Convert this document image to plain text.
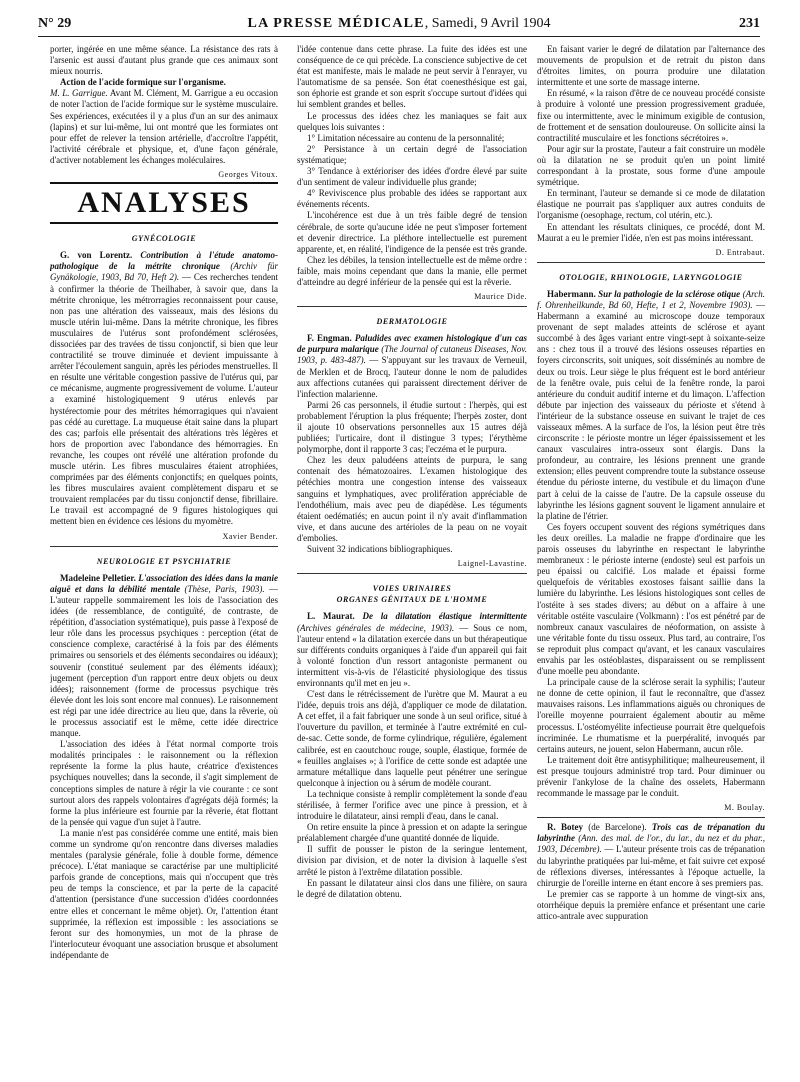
N° 29	LA PRESSE MÉDICALE, Samedi, 9 Avril 1904	231

porter, ingérée en une même séance. La résistance des rats à l'arsenic est aussi d'autant plus grande que ces animaux sont mieux nourris.

Action de l'acide formique sur l'organisme.
M. L. Garrigue. Avant M. Clément, M. Garrigue a eu occasion de noter l'action de l'acide formique sur le système musculaire. Ses expériences, exécutées il y a plus d'un an sur des animaux (lapins) et sur lui-même, lui ont montré que les formiates ont pour effet de relever la tension artérielle, d'accroître l'appétit, l'activité cérébrale et physique, et, d'une façon générale, d'activer notablement les échanges moléculaires.

Georges Vitoux.
ANALYSES
GYNÉCOLOGIE

G. von Lorentz. Contribution à l'étude anatomo-pathologique de la métrite chronique (Archiv für Gynäkologie, 1903, Bd 70, Heft 2). — Ces recherches tendent à confirmer la théorie de Theilhaber, à savoir que, dans la métrite chronique, les métrorragies reconnaissent pour cause, non pas une altération des vaisseaux, mais des lésions du muscle utérin lui-même. Dans la métrite chronique, les fibres musculaires de l'utérus sont profondément sclérosées, dissociées par des travées de tissu conjonctif, si bien que leur contractilité se trouve diminuée et devient impuissante à arrêter l'écoulement sanguin, après les périodes menstruelles. Il en résulte une véritable congestion passive de l'utérus qui, par ce mécanisme, augmente progressivement de volume. L'auteur a examiné histologiquement 9 utérus enlevés par hystérectomie pour des métrites hémorragiques qui n'avaient pas cédé au curettage. La muqueuse était saine dans la plupart des cas; parfois elle présentait des altérations très légères et hors de proportion avec l'abondance des hémorragies. En revanche, les coupes ont révélé une altération profonde du muscle utérin. Les fibres musculaires étaient atrophiées, comprimées par des éléments conjonctifs; en quelques points, les fibres musculaires avaient complètement disparu et se trouvaient remplacées par du tissu conjonctif dense, fibrillaire. Le travail est accompagné de 9 figures histologiques qui mettent bien en évidence ces lésions du myomètre.

Xavier Bender.
NEUROLOGIE ET PSYCHIATRIE

Madeleine Pelletier. L'association des idées dans la manie aiguë et dans la débilité mentale (Thèse, Paris, 1903). — L'auteur rappelle sommairement les lois de l'association des idées (de ressemblance, de contiguïté, de contraste, de répétition, d'association systématique), puis passe à l'exposé de leur rôle dans les processus psychiques : perception (état de conscience complexe, caractérisé à la fois par des éléments primaires ou sensoriels et des éléments secondaires ou idéaux); souvenir (constitué seulement par des éléments idéaux); jugement (perception d'un rapport entre deux objets ou deux idées); raisonnement (forme de processus psychique très élevée dont les lois sont encore mal connues). Le raisonnement est régi par une idée directrice au lieu que, dans la rêverie, où le processus associatif est le même, cette idée directrice manque.

L'association des idées à l'état normal comporte trois modalités principales : le raisonnement ou la réflexion représente la forme la plus haute, créatrice d'existences psychiques nouvelles; dans la seconde, il s'agit simplement de conceptions simples de nature à régir la vie courante : ce sont surtout alors des rappels volontaires d'agrégats déjà formés; la forme la plus inférieure est fournie par la rêverie, état flottant de la pensée qui vague d'un sujet à l'autre.

La manie n'est pas considérée comme une entité, mais bien comme un syndrome qu'on rencontre dans diverses maladies mentales (paralysie générale, folie à double forme, démence précoce). L'état maniaque se caractérise par une multiplicité parfois grande de conceptions, mais qui n'occupent que très peu de temps la conscience, et par la perte de la capacité d'attention (persistance d'une succession d'idées coordonnées entre elles et concernant le même objet). Or, l'attention étant supprimée, la réflexion est impossible : les associations se feront sur des homonymies, un mot de la phrase de l'interlocuteur évoquant une association brusque et absolument indépendante de

l'idée contenue dans cette phrase. La fuite des idées est une conséquence de ce qui précède. La conscience subjective de cet état est manifeste, mais le malade ne peut servir à l'enrayer, vu l'automatisme de sa pensée. Son état coenesthésique est gai, son éphorie est grande et son esprit s'occupe surtout d'idées qui lui semblent grandes et belles.

Le processus des idées chez les maniaques se fait aux quelques lois suivantes :

1° Limitation nécessaire au contenu de la personnalité;

2° Persistance à un certain degré de l'association systématique;

3° Tendance à extérioriser des idées d'ordre élevé par suite d'un sentiment de valeur individuelle plus grande;

4° Reviviscence plus probable des idées se rapportant aux événements récents.

L'incohérence est due à un très faible degré de tension cérébrale, de sorte qu'aucune idée ne peut s'imposer fortement et devenir directrice. La pléthore intellectuelle est purement apparente, et, en réalité, l'indigence de la pensée est très grande.

Chez les débiles, la tension intellectuelle est de même ordre : faible, mais moins cependant que dans la manie, elle permet d'atteindre au degré inférieur de la pensée qui est la rêverie.

Maurice Dide.
DERMATOLOGIE

F. Engman. Paludides avec examen histologique d'un cas de purpura malarique (The Journal of cutaneus Diseases, Nov. 1903, p. 483-487). — S'appuyant sur les travaux de Verneuil, de Merklen et de Brocq, l'auteur donne le nom de paludides aux affections cutanées qui paraissent directement dériver de l'infection malarienne.

Parmi 26 cas personnels, il étudie surtout : l'herpès, qui est probablement l'éruption la plus fréquente; l'herpès zoster, dont il ajoute 10 observations personnelles aux 15 autres déjà publiées; l'urticaire, dont il distingue 3 types; l'érythème polymorphe, dont il rapporte 3 cas; l'eczéma et le purpura.

Chez les deux paludéens atteints de purpura, le sang contenait des hématozoaires. L'examen histologique des pétéchies montra une congestion intense des vaisseaux sanguins et lymphatiques, avec prolifération appréciable de l'endothélium, mais avec peu de diapédèse. Les téguments étaient oedématiés; en aucun point il n'y avait d'inflammation vive, et dans aucune des artérioles de la peau on ne voyait d'embolies.

Suivent 32 indications bibliographiques.

Laignel-Lavastine.
VOIES URINAIRES
ORGANES GÉNITAUX DE L'HOMME

L. Maurat. De la dilatation élastique intermittente (Archives générales de médecine, 1903). — Sous ce nom, l'auteur entend « la dilatation exercée dans un but thérapeutique sur différents conduits organiques à l'aide d'un appareil qui fait à volonté fonction d'un ressort antagoniste permanent ou intermittent vis-à-vis de l'élasticité physiologique des tissus environnants qu'il met en jeu ».

C'est dans le rétrécissement de l'urètre que M. Maurat a eu l'idée, depuis trois ans déjà, d'appliquer ce mode de dilatation. A cet effet, il a fait fabriquer une sonde à un seul orifice, situé à l'ouverture du pavillon, et terminée à l'autre extrémité en cul-de-sac. Cette sonde, de forme cylindrique, régulière, également calibrée, est en caoutchouc rouge, souple, élastique, formée de « feuilles anglaises »; à l'orifice de cette sonde est adaptée une armature métallique dans laquelle peut pénétrer une seringue quelconque à injection ou à sérum de modèle courant.

La technique consiste à remplir complètement la sonde d'eau stérilisée, à fermer l'orifice avec une pince à pression, et à introduire le dilatateur, ainsi rempli d'eau, dans le canal.

On retire ensuite la pince à pression et on adapte la seringue préalablement chargée d'une quantité donnée de liquide.

Il suffit de pousser le piston de la seringue lentement, division par division, et de noter la division à laquelle s'est arrêté le piston à l'extrême dilatation possible.

En passant le dilatateur ainsi clos dans une filière, on saura le degré de dilatation obtenu.

En faisant varier le degré de dilatation par l'alternance des mouvements de propulsion et de retrait du piston dans d'étroites limites, on pourra produire une dilatation intermittente et une sorte de massage interne.

En résumé, « la raison d'être de ce nouveau procédé consiste à produire à volonté une pression progressivement graduée, fixe ou intermittente, avec le minimum exigible de contusion, de frottement et de sensation douloureuse. On sollicite ainsi la contractilité musculaire et les fonctions sécrétoires ».

Pour agir sur la prostate, l'auteur a fait construire un modèle où la dilatation ne se produit qu'en un point limité correspondant à la prostate, sous forme d'une ampoule symétrique.

En terminant, l'auteur se demande si ce mode de dilatation élastique ne pourrait pas s'appliquer aux autres conduits de l'organisme (oesophage, rectum, col utérin, etc.).

En attendant les résultats cliniques, ce procédé, dont M. Maurat a eu le premier l'idée, n'en est pas moins intéressant.

D. Entrabaut.
OTOLOGIE, RHINOLOGIE, LARYNGOLOGIE

Habermann. Sur la pathologie de la sclérose otique (Arch. f. Ohrenheilkunde, Bd 60, Hefte, 1 et 2, Novembre 1903). — Habermann a examiné au microscope douze temporaux provenant de sept malades atteints de sclérose et ayant succombé à des âges variant entre vingt-sept à soixante-seize ans : chez tous il a trouvé des lésions osseuses réparties en foyers circonscrits, soit uniques, soit disséminés au nombre de deux ou trois. Leur siège le plus fréquent est le bord antérieur de la fenêtre ovale, puis celui de la fenêtre ronde, la paroi antérieure du conduit auditif interne et du limaçon. L'affection débute par injection des vaisseaux du périoste et s'étend à l'intérieur de la substance osseuse en suivant le trajet de ces vaisseaux mêmes. A la surface de l'os, la lésion peut être très circonscrite : le périoste montre un léger épaississement et les canaux vasculaires intra-osseux sont élargis. Dans la profondeur, au contraire, les lésions prennent une grande extension; elles peuvent comprendre toute la substance osseuse étendue du périoste interne, du vestibule et du limaçon d'une part à celui de la caisse de l'autre. De la capsule osseuse du labyrinthe les lésions gagnent souvent le ligament annulaire et la platine de l'étrier.

Ces foyers occupent souvent des régions symétriques dans les deux oreilles. La maladie ne frappe d'ordinaire que les parois osseuses du labyrinthe en respectant le labyrinthe membraneux : le périoste interne (endoste) seul est parfois un peu épaissi ou calcifié. Los malade et épaissi forme quelquefois de véritables exostoses faisant saillie dans la lumière du labyrinthe. Les lésions histologiques sont celles de l'ostéite à ses stades divers; au début on a affaire à une véritable ostéite vasculaire (Volkmann) : l'os est pénétré par de nombreux canaux vasculaires de néoformation, on assiste à une véritable fonte du tissu osseux. Plus tard, au contraire, l'os se reproduit plus compact qu'avant, et les canaux vasculaires envahis par les ostéoblastes, disparaissent ou se remplissent d'une moelle peu abondante.

La principale cause de la sclérose serait la syphilis; l'auteur ne donne de cette opinion, il faut le reconnaître, que d'assez mauvaises raisons. Les inflammations aiguës ou chroniques de l'oreille moyenne pourraient également aboutir au même processus. L'ostéomyélite infectieuse pourrait être quelquefois incriminée. Le rhumatisme et la puerpéralité, invoqués par certains auteurs, ne jouent, selon Habermann, aucun rôle.

Le traitement doit être antisyphilitique; malheureusement, il est presque toujours administré trop tard. Pour diminuer ou prévenir l'ankylose de la chaîne des osselets, Habermann recommande le massage par le conduit.

M. Boulay.

R. Botey (de Barcelone). Trois cas de trépanation du labyrinthe (Ann. des mal. de l'or., du lar., du nez et du phar., 1903, Décembre). — L'auteur présente trois cas de trépanation du labyrinthe pratiquées par lui-même, et fait suivre cet exposé de réflexions diverses, intéressantes à l'époque actuelle, la chirurgie de l'oreille interne en étant encore à ses premiers pas.

Le premier cas se rapporte à un homme de vingt-six ans, otorrhéique depuis la première enfance et présentant une carie attico-antrale avec suppuration
